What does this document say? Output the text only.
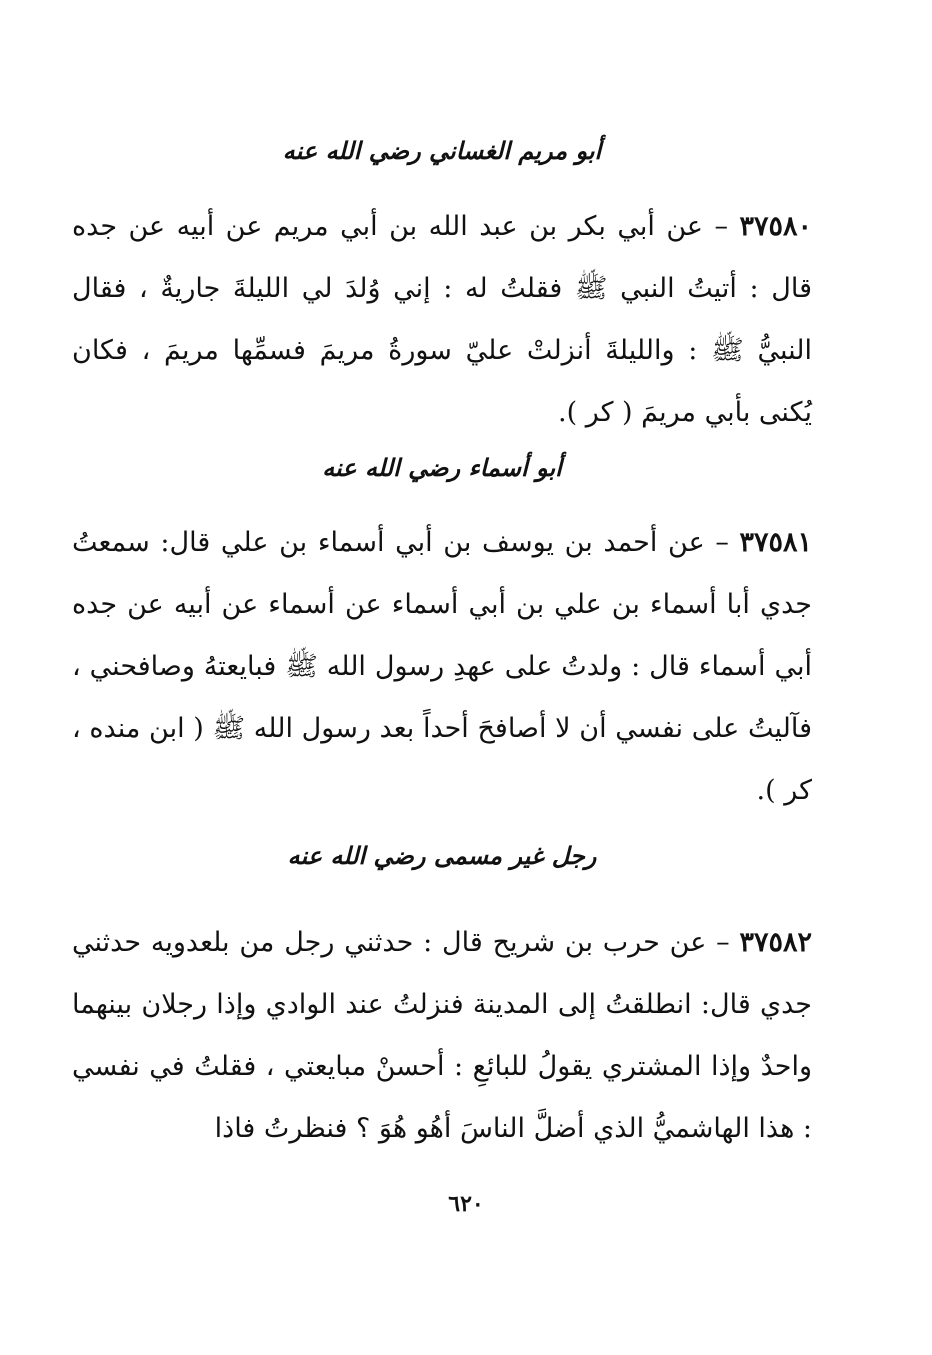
أبو مريم الغساني رضي الله عنه

٣٧٥٨٠ – عن أبي بكر بن عبد الله بن أبي مريم عن أبيه عن جده قال : أتيتُ النبي ﷺ فقلتُ له : إني وُلدَ لي الليلةَ جاريةٌ ، فقال النبيُّ ﷺ : والليلةَ أنزلتْ عليّ سورةُ مريمَ فسمِّها مريمَ ، فكان يُكنى بأبي مريمَ ( كر ).

أبو أسماء رضي الله عنه

٣٧٥٨١ – عن أحمد بن يوسف بن أبي أسماء بن علي قال: سمعتُ جدي أبا أسماء بن علي بن أبي أسماء عن أسماء عن أبيه عن جده أبي أسماء قال : ولدتُ على عهدِ رسول الله ﷺ فبايعتهُ وصافحني ، فآليتُ على نفسي أن لا أصافحَ أحداً بعد رسول الله ﷺ ( ابن منده ، كر ).

رجل غير مسمى رضي الله عنه

٣٧٥٨٢ – عن حرب بن شريح قال : حدثني رجل من بلعدويه حدثني جدي قال: انطلقتُ إلى المدينة فنزلتُ عند الوادي وإذا رجلان بينهما واحدٌ وإذا المشتري يقولُ للبائعِ : أحسنْ مبايعتي ، فقلتُ في نفسي : هذا الهاشميُّ الذي أضلَّ الناسَ أهُو هُوَ ؟ فنظرتُ فاذا

٦٢٠
